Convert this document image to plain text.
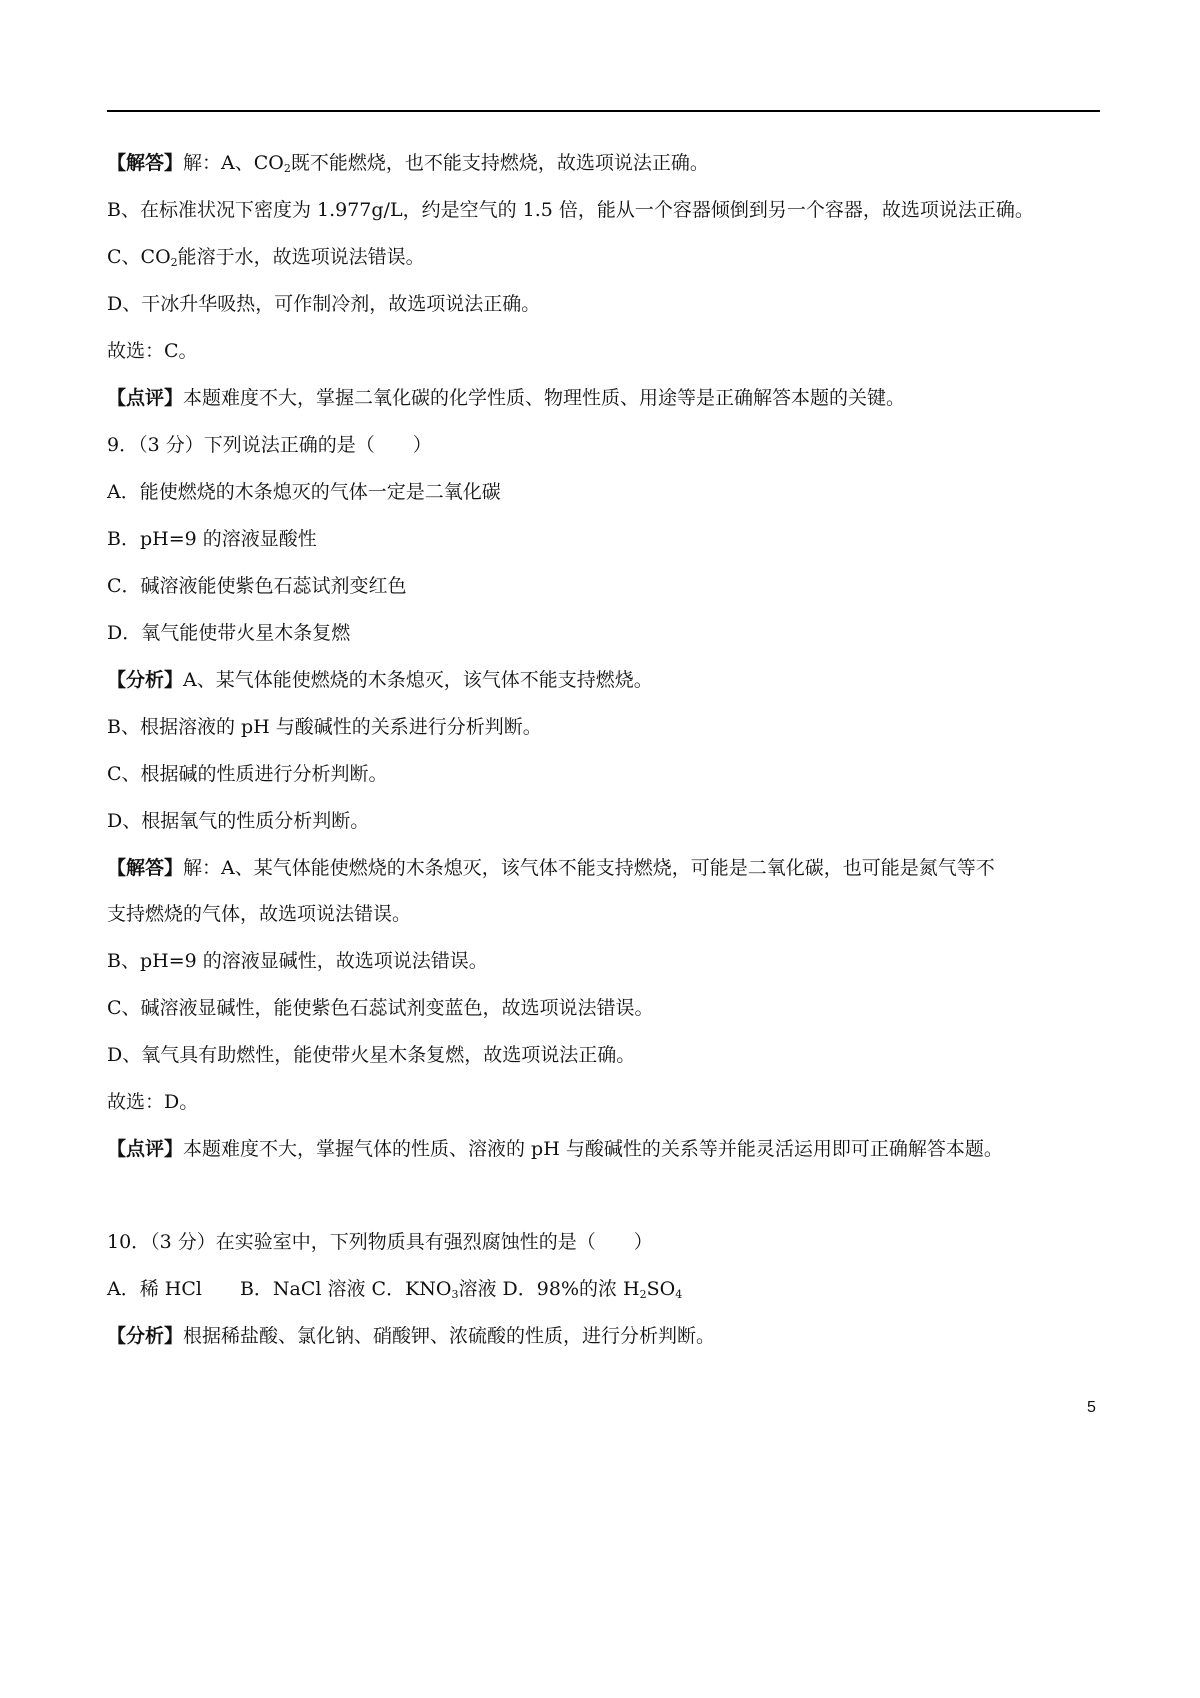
【解答】解：A、$CO_2$既不能燃烧，也不能支持燃烧，故选项说法正确。
B、在标准状况下密度为 1.977g/L，约是空气的 1.5 倍，能从一个容器倾倒到另一个容器，故选项说法正确。
C、$CO_2$能溶于水，故选项说法错误。
D、干冰升华吸热，可作制冷剂，故选项说法正确。
故选：C。
【点评】本题难度不大，掌握二氧化碳的化学性质、物理性质、用途等是正确解答本题的关键。
9．（3 分）下列说法正确的是（　　）
A．能使燃烧的木条熄灭的气体一定是二氧化碳
B．pH=9 的溶液显酸性
C．碱溶液能使紫色石蕊试剂变红色
D．氧气能使带火星木条复燃
【分析】A、某气体能使燃烧的木条熄灭，该气体不能支持燃烧。
B、根据溶液的 pH 与酸碱性的关系进行分析判断。
C、根据碱的性质进行分析判断。
D、根据氧气的性质分析判断。
【解答】解：A、某气体能使燃烧的木条熄灭，该气体不能支持燃烧，可能是二氧化碳，也可能是氮气等不
支持燃烧的气体，故选项说法错误。
B、pH=9 的溶液显碱性，故选项说法错误。
C、碱溶液显碱性，能使紫色石蕊试剂变蓝色，故选项说法错误。
D、氧气具有助燃性，能使带火星木条复燃，故选项说法正确。
故选：D。
【点评】本题难度不大，掌握气体的性质、溶液的 pH 与酸碱性的关系等并能灵活运用即可正确解答本题。
10．（3 分）在实验室中，下列物质具有强烈腐蚀性的是（　　）
A．稀 HCl　　B．NaCl 溶液 C．$KNO_3$溶液 D．98%的浓 $H_2SO_4$
【分析】根据稀盐酸、氯化钠、硝酸钾、浓硫酸的性质，进行分析判断。
5
